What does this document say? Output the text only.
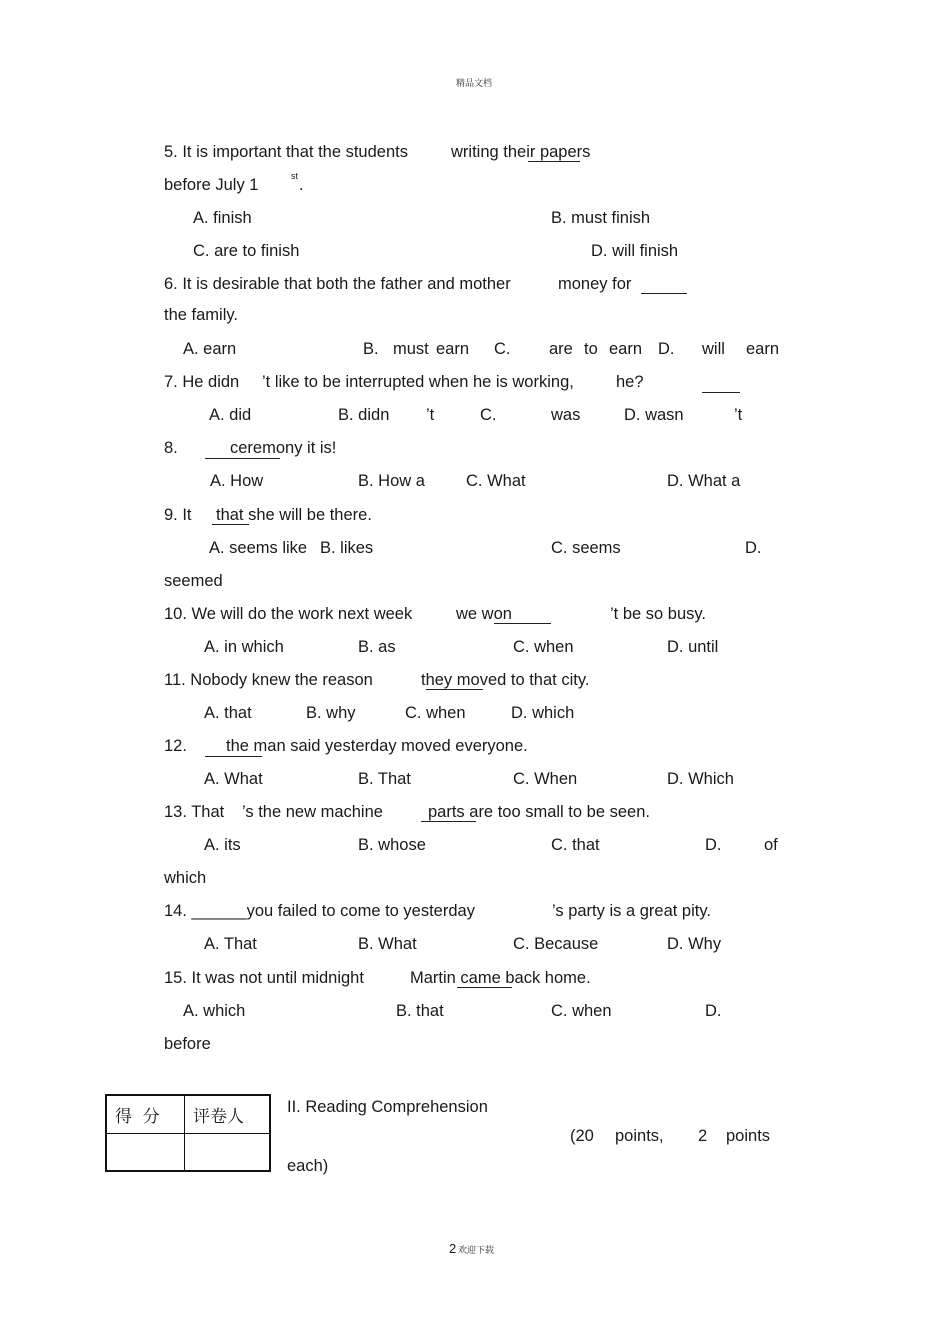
精品文档
5. It is important that the students	writing their papers
before July 1	st .
A. finish	B. must finish
C. are to finish	D. will finish
6. It is desirable that both the father and mother	money for
the family.
A. earn	B. must earn C. are to earn D. will earn
7. He didn ’t like to be interrupted when he is working,	he?
A. did	B. didn ’t	C.	was	D. wasn	’t
8.	ceremony it is!
A. How	B. How a C. What	D. What a
9. It that she will be there.
A. seems like B. likes	C. seems	D.
seemed
10. We will do the work next week	we won	’t be so busy.
A. in which	B. as	C. when	D. until
11. Nobody knew the reason	they moved to that city.
A. that	B. why	C. when	D. which
12. the man said yesterday moved everyone.
A. What	B. That	C. When	D. Which
13. That ’s the new machine	parts are too small to be seen.
A. its	B. whose	C. that	D.	of
which
14. ______you failed to come to yesterday	’s party is a great pity.
A. That	B. What	C. Because	D. Why
15. It was not until midnight	Martin came back home.
A. which	B. that	C. when	D.
before
得  分 评卷人	II. Reading Comprehension
(20 points, 2 points
each)
2 欢迎下载
